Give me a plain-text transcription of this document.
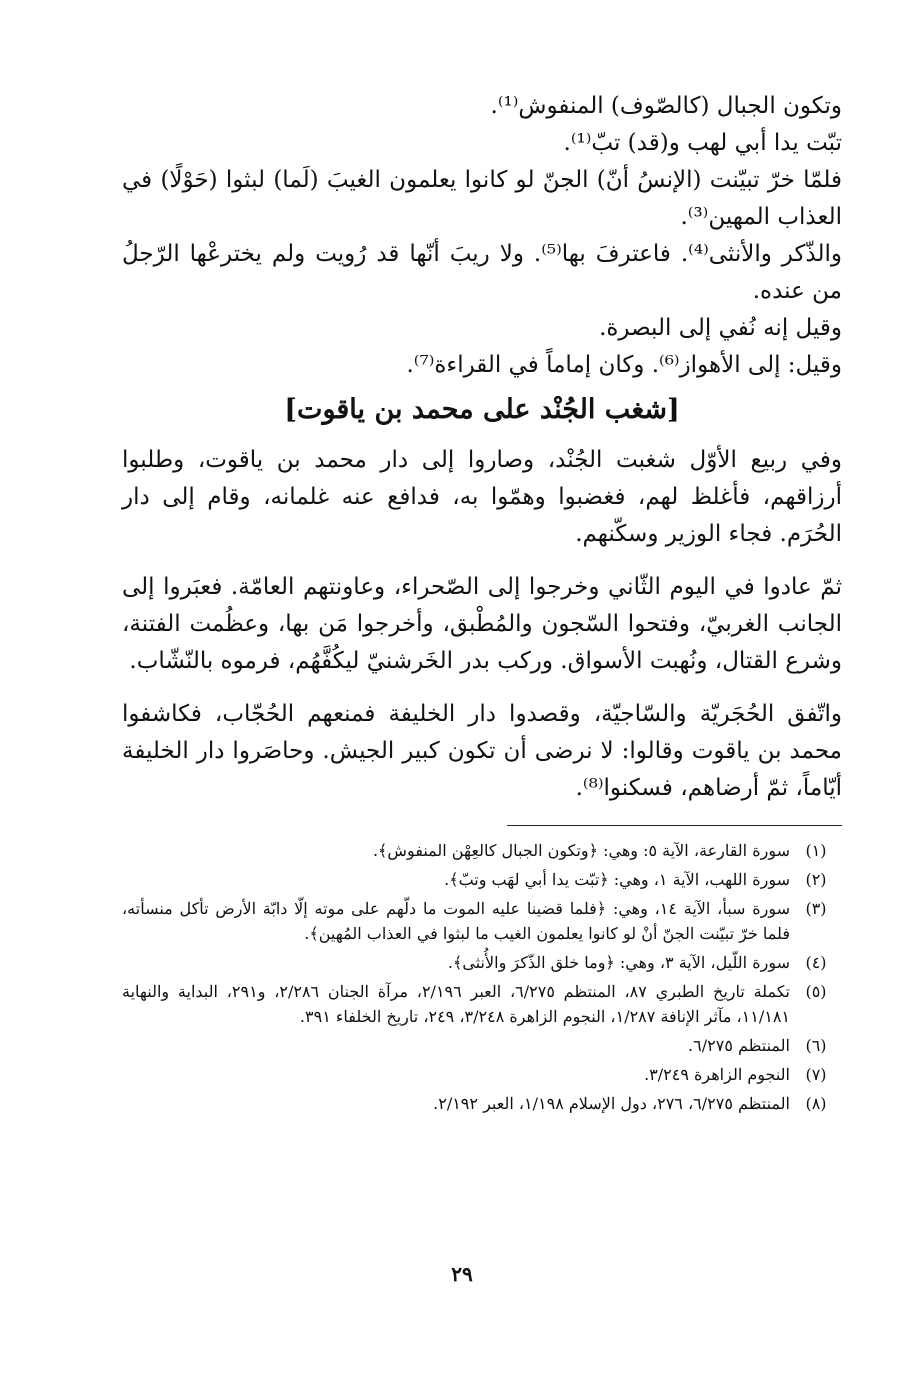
وتكون الجبال (كالصّوف) المنفوش⁽¹⁾.

تبّت يدا أبي لهب و(قد) تبّ⁽¹⁾.

فلمّا خرّ تبيّنت (الإنسُ أنّ) الجنّ لو كانوا يعلمون الغيبَ (لَما) لبثوا (حَوْلًا) في العذاب المهين⁽³⁾.

والذّكر والأنثى⁽⁴⁾. فاعترفَ بها⁽⁵⁾. ولا ريبَ أنّها قد رُويت ولم يخترعْها الرّجلُ من عنده.

وقيل إنه نُفي إلى البصرة.

وقيل: إلى الأهواز⁽⁶⁾. وكان إماماً في القراءة⁽⁷⁾.

[شغب الجُنْد على محمد بن ياقوت]

وفي ربيع الأوّل شغبت الجُنْد، وصاروا إلى دار محمد بن ياقوت، وطلبوا أرزاقهم، فأغلظ لهم، فغضبوا وهمّوا به، فدافع عنه غلمانه، وقام إلى دار الحُرَم. فجاء الوزير وسكّنهم.

ثمّ عادوا في اليوم الثّاني وخرجوا إلى الصّحراء، وعاونتهم العامّة. فعبَروا إلى الجانب الغربيّ، وفتحوا السّجون والمُطْبق، وأخرجوا مَن بها، وعظُمت الفتنة، وشرع القتال، ونُهبت الأسواق. وركب بدر الخَرشنيّ ليكُفَّهُم، فرموه بالنّشّاب.

واتّفق الحُجَريّة والسّاجيّة، وقصدوا دار الخليفة فمنعهم الحُجّاب، فكاشفوا محمد بن ياقوت وقالوا: لا نرضى أن تكون كبير الجيش. وحاصَروا دار الخليفة أيّاماً، ثمّ أرضاهم، فسكنوا⁽⁸⁾.

(١)
سورة القارعة، الآية ٥: وهي: ﴿وتكون الجبال كالعِهْن المنفوش﴾.
(٢)
سورة اللهب، الآية ١، وهي: ﴿تبّت يدا أبي لهَب وتبّ﴾.
(٣)
سورة سبأ، الآية ١٤، وهي: ﴿فلما قضينا عليه الموت ما دلّهم على موته إلّا دابّة الأرض تأكل منسأته، فلما خرّ تبيّنت الجنّ أنْ لو كانوا يعلمون الغيب ما لبثوا في العذاب المُهين﴾.
(٤)
سورة اللّيل، الآية ٣، وهي: ﴿وما خلق الذّكرَ والأُنثى﴾.
(٥)
تكملة تاريخ الطبري ٨٧، المنتظم ٦/٢٧٥، العبر ٢/١٩٦، مرآة الجنان ٢/٢٨٦، و٢٩١، البداية والنهاية ١١/١٨١، مآثر الإنافة ١/٢٨٧، النجوم الزاهرة ٣/٢٤٨، ٢٤٩، تاريخ الخلفاء ٣٩١.
(٦)
المنتظم ٦/٢٧٥.
(٧)
النجوم الزاهرة ٣/٢٤٩.
(٨)
المنتظم ٦/٢٧٥، ٢٧٦، دول الإسلام ١/١٩٨، العبر ٢/١٩٢.
٢٩
